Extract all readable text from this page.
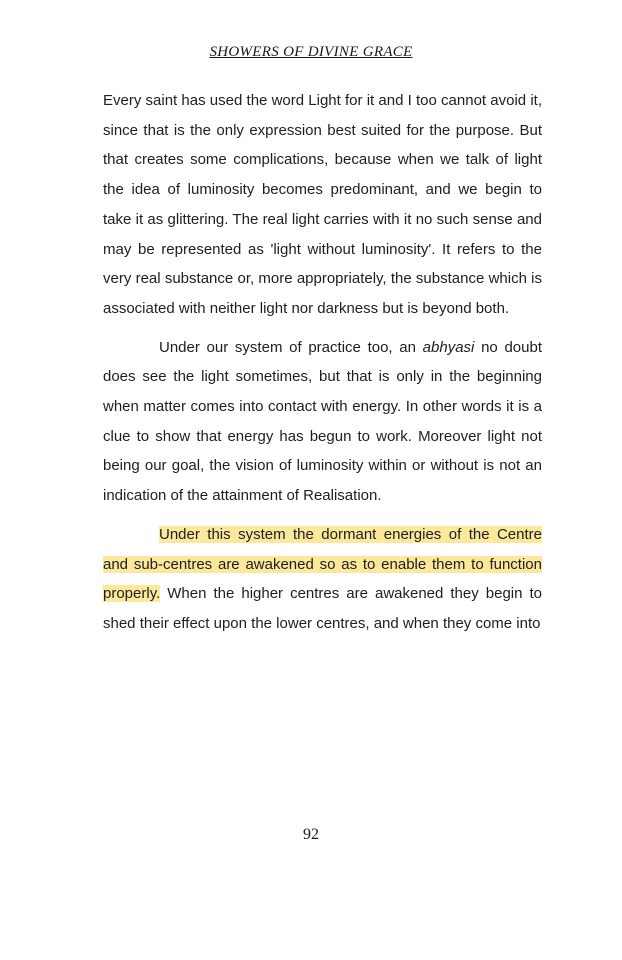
SHOWERS OF DIVINE GRACE

Every saint has used the word Light for it and I too cannot avoid it, since that is the only expression best suited for the purpose. But that creates some complications, because when we talk of light the idea of luminosity becomes predominant, and we begin to take it as glittering. The real light carries with it no such sense and may be represented as 'light without luminosity'. It refers to the very real substance or, more appropriately, the substance which is associated with neither light nor darkness but is beyond both.

Under our system of practice too, an abhyasi no doubt does see the light sometimes, but that is only in the beginning when matter comes into contact with energy. In other words it is a clue to show that energy has begun to work. Moreover light not being our goal, the vision of luminosity within or without is not an indication of the attainment of Realisation.

Under this system the dormant energies of the Centre and sub-centres are awakened so as to enable them to function properly. When the higher centres are awakened they begin to shed their effect upon the lower centres, and when they come into

92
